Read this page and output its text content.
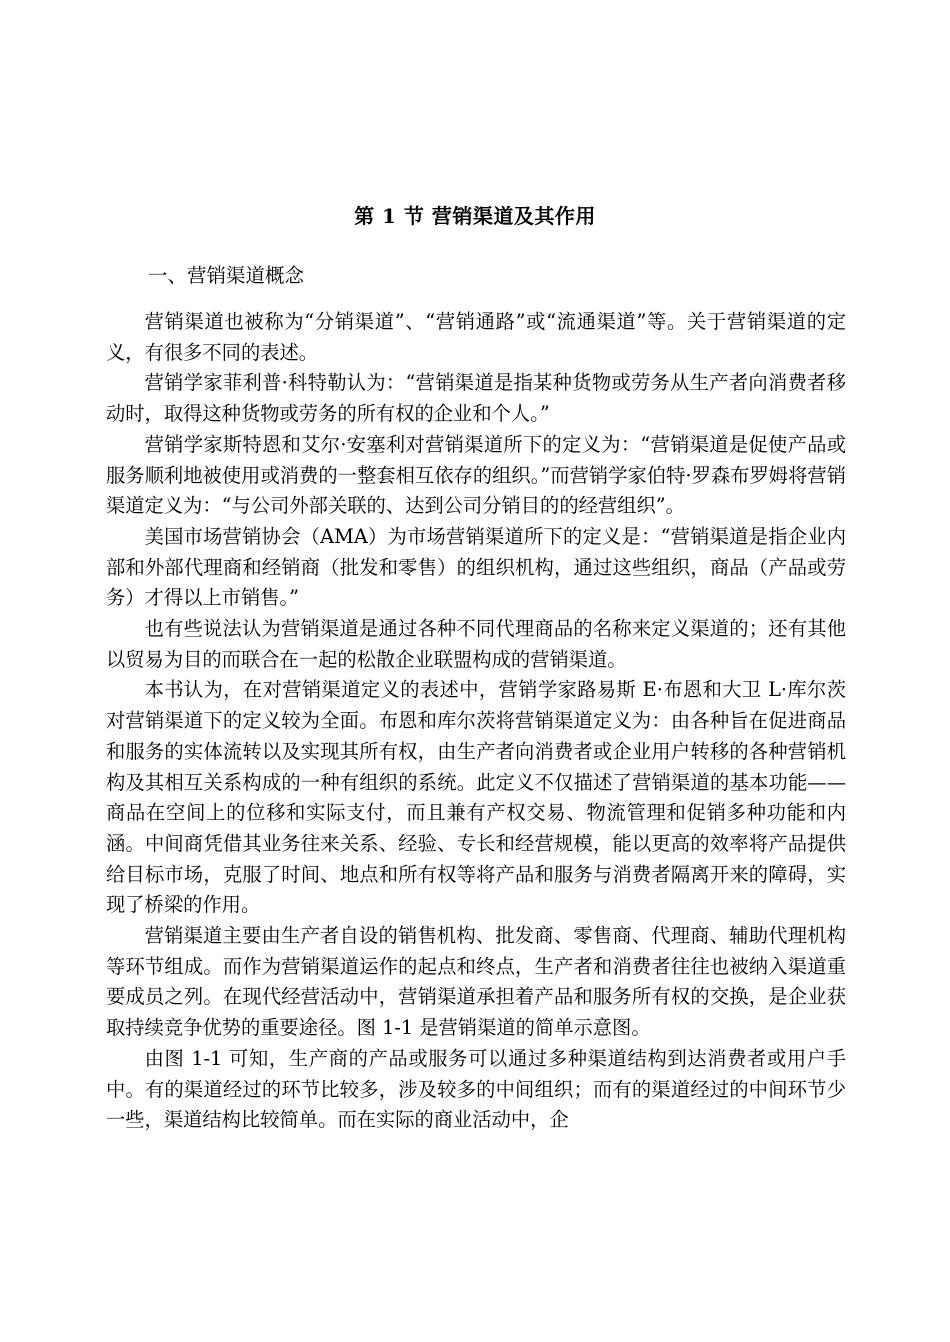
第 1 节 营销渠道及其作用
一、营销渠道概念

营销渠道也被称为“分销渠道”、“营销通路”或“流通渠道”等。关于营销渠道的定义，有很多不同的表述。

营销学家菲利普·科特勒认为：“营销渠道是指某种货物或劳务从生产者向消费者移动时，取得这种货物或劳务的所有权的企业和个人。”

营销学家斯特恩和艾尔·安塞利对营销渠道所下的定义为：“营销渠道是促使产品或服务顺利地被使用或消费的一整套相互依存的组织。”而营销学家伯特·罗森布罗姆将营销渠道定义为：“与公司外部关联的、达到公司分销目的的经营组织”。

美国市场营销协会（AMA）为市场营销渠道所下的定义是：“营销渠道是指企业内部和外部代理商和经销商（批发和零售）的组织机构，通过这些组织，商品（产品或劳务）才得以上市销售。”

也有些说法认为营销渠道是通过各种不同代理商品的名称来定义渠道的；还有其他以贸易为目的而联合在一起的松散企业联盟构成的营销渠道。

本书认为，在对营销渠道定义的表述中，营销学家路易斯 E·布恩和大卫 L·库尔茨对营销渠道下的定义较为全面。布恩和库尔茨将营销渠道定义为：由各种旨在促进商品和服务的实体流转以及实现其所有权，由生产者向消费者或企业用户转移的各种营销机构及其相互关系构成的一种有组织的系统。此定义不仅描述了营销渠道的基本功能——商品在空间上的位移和实际支付，而且兼有产权交易、物流管理和促销多种功能和内涵。中间商凭借其业务往来关系、经验、专长和经营规模，能以更高的效率将产品提供给目标市场，克服了时间、地点和所有权等将产品和服务与消费者隔离开来的障碍，实现了桥梁的作用。

营销渠道主要由生产者自设的销售机构、批发商、零售商、代理商、辅助代理机构等环节组成。而作为营销渠道运作的起点和终点，生产者和消费者往往也被纳入渠道重要成员之列。在现代经营活动中，营销渠道承担着产品和服务所有权的交换，是企业获取持续竞争优势的重要途径。图 1-1 是营销渠道的简单示意图。

由图 1-1 可知，生产商的产品或服务可以通过多种渠道结构到达消费者或用户手中。有的渠道经过的环节比较多，涉及较多的中间组织；而有的渠道经过的中间环节少一些，渠道结构比较简单。而在实际的商业活动中，企
